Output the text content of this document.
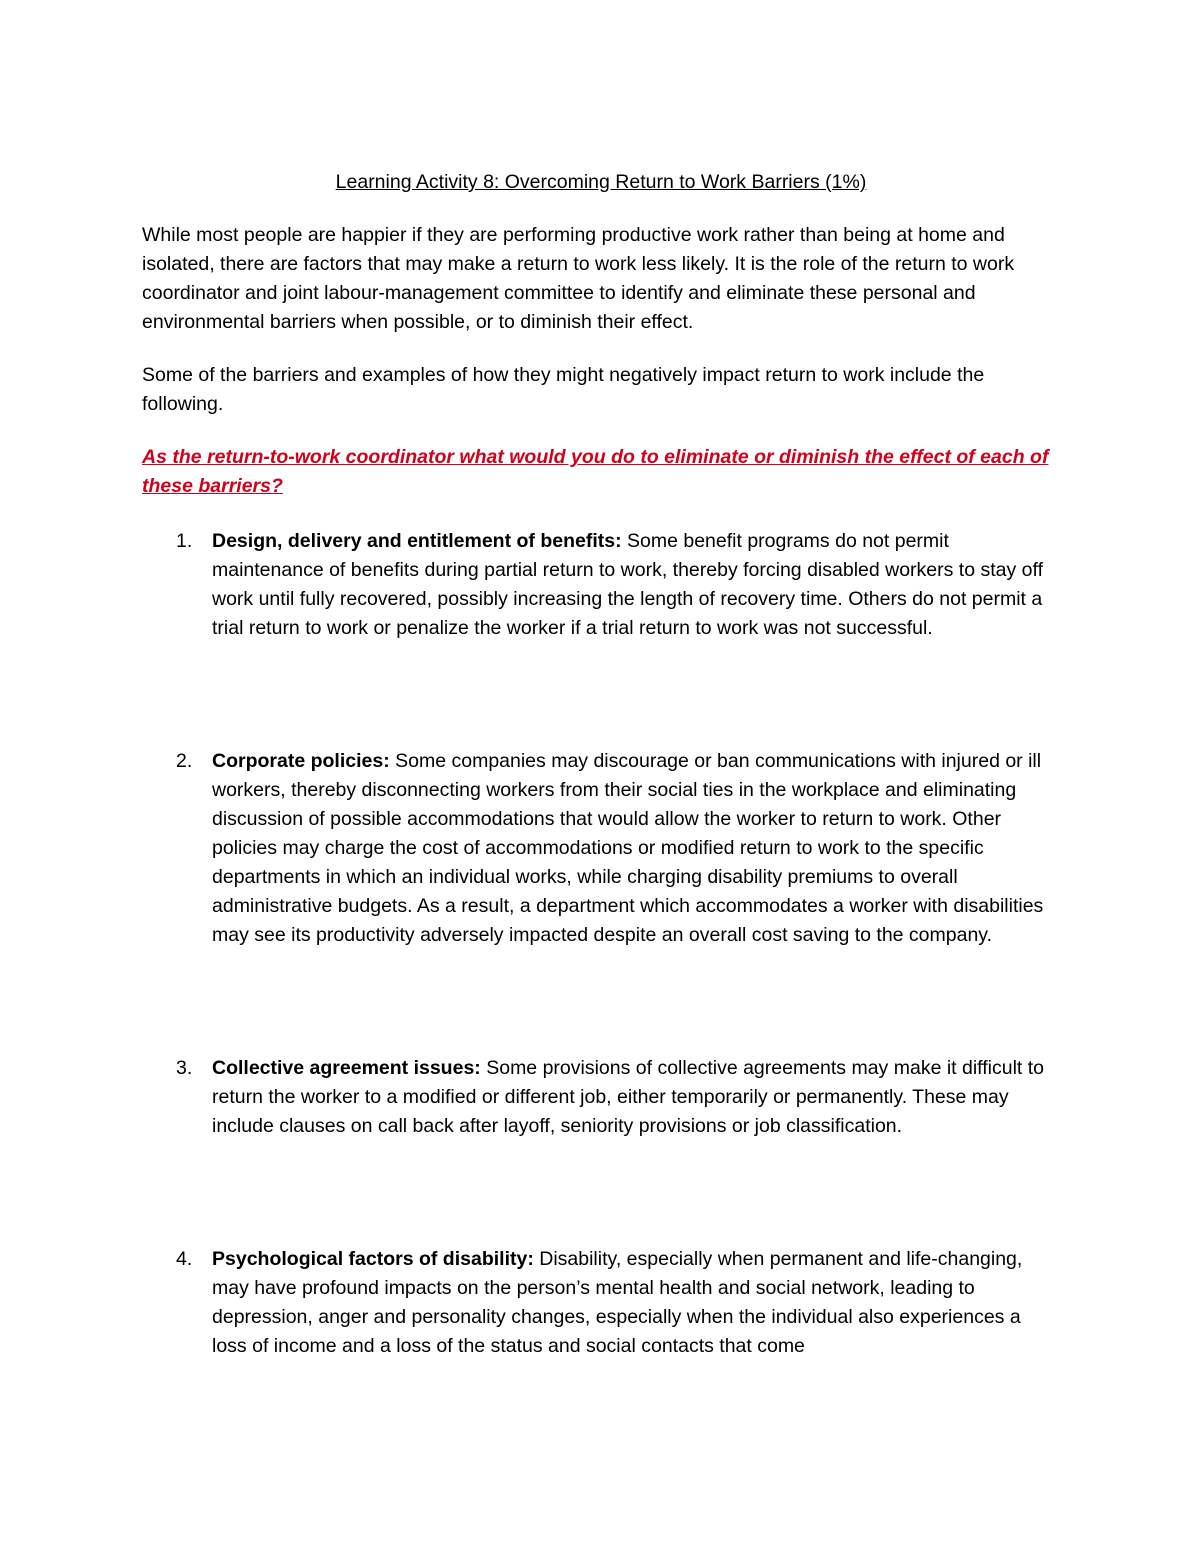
Learning Activity 8: Overcoming Return to Work Barriers (1%)

While most people are happier if they are performing productive work rather than being at home and isolated, there are factors that may make a return to work less likely. It is the role of the return to work coordinator and joint labour-management committee to identify and eliminate these personal and environmental barriers when possible, or to diminish their effect.

Some of the barriers and examples of how they might negatively impact return to work include the following.

As the return-to-work coordinator what would you do to eliminate or diminish the effect of each of these barriers?

1. Design, delivery and entitlement of benefits: Some benefit programs do not permit maintenance of benefits during partial return to work, thereby forcing disabled workers to stay off work until fully recovered, possibly increasing the length of recovery time. Others do not permit a trial return to work or penalize the worker if a trial return to work was not successful.
2. Corporate policies: Some companies may discourage or ban communications with injured or ill workers, thereby disconnecting workers from their social ties in the workplace and eliminating discussion of possible accommodations that would allow the worker to return to work. Other policies may charge the cost of accommodations or modified return to work to the specific departments in which an individual works, while charging disability premiums to overall administrative budgets. As a result, a department which accommodates a worker with disabilities may see its productivity adversely impacted despite an overall cost saving to the company.
3. Collective agreement issues: Some provisions of collective agreements may make it difficult to return the worker to a modified or different job, either temporarily or permanently. These may include clauses on call back after layoff, seniority provisions or job classification.
4. Psychological factors of disability: Disability, especially when permanent and life-changing, may have profound impacts on the person’s mental health and social network, leading to depression, anger and personality changes, especially when the individual also experiences a loss of income and a loss of the status and social contacts that come
